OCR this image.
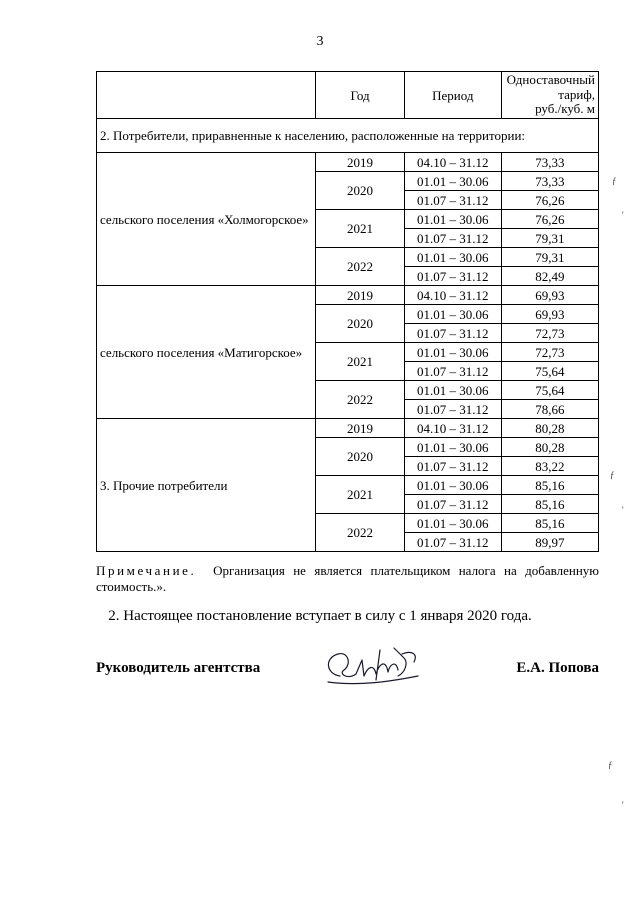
3
	Год	Период	Одноставочный
тариф,
руб./куб. м

2. Потребители, приравненные к населению, расположенные на территории:			
сельского поселения «Холмогорское»	2019	04.10 – 31.12	73,33
	2020	01.01 – 30.06	73,33
		01.07 – 31.12	76,26
	2021	01.01 – 30.06	76,26
		01.07 – 31.12	79,31
	2022	01.01 – 30.06	79,31
		01.07 – 31.12	82,49
сельского поселения «Матигорское»	2019	04.10 – 31.12	69,93
	2020	01.01 – 30.06	69,93
		01.07 – 31.12	72,73
	2021	01.01 – 30.06	72,73
		01.07 – 31.12	75,64
	2022	01.01 – 30.06	75,64
		01.07 – 31.12	78,66
3. Прочие потребители	2019	04.10 – 31.12	80,28
	2020	01.01 – 30.06	80,28
		01.07 – 31.12	83,22
	2021	01.01 – 30.06	85,16
		01.07 – 31.12	85,16
	2022	01.01 – 30.06	85,16
		01.07 – 31.12	89,97
Примечание. Организация не является плательщиком налога на добавленную стоимость.».
2. Настоящее постановление вступает в силу с 1 января 2020 года.
Руководитель агентства	Е.А. Попова
ƒ
'
ƒ
'
ƒ
'
